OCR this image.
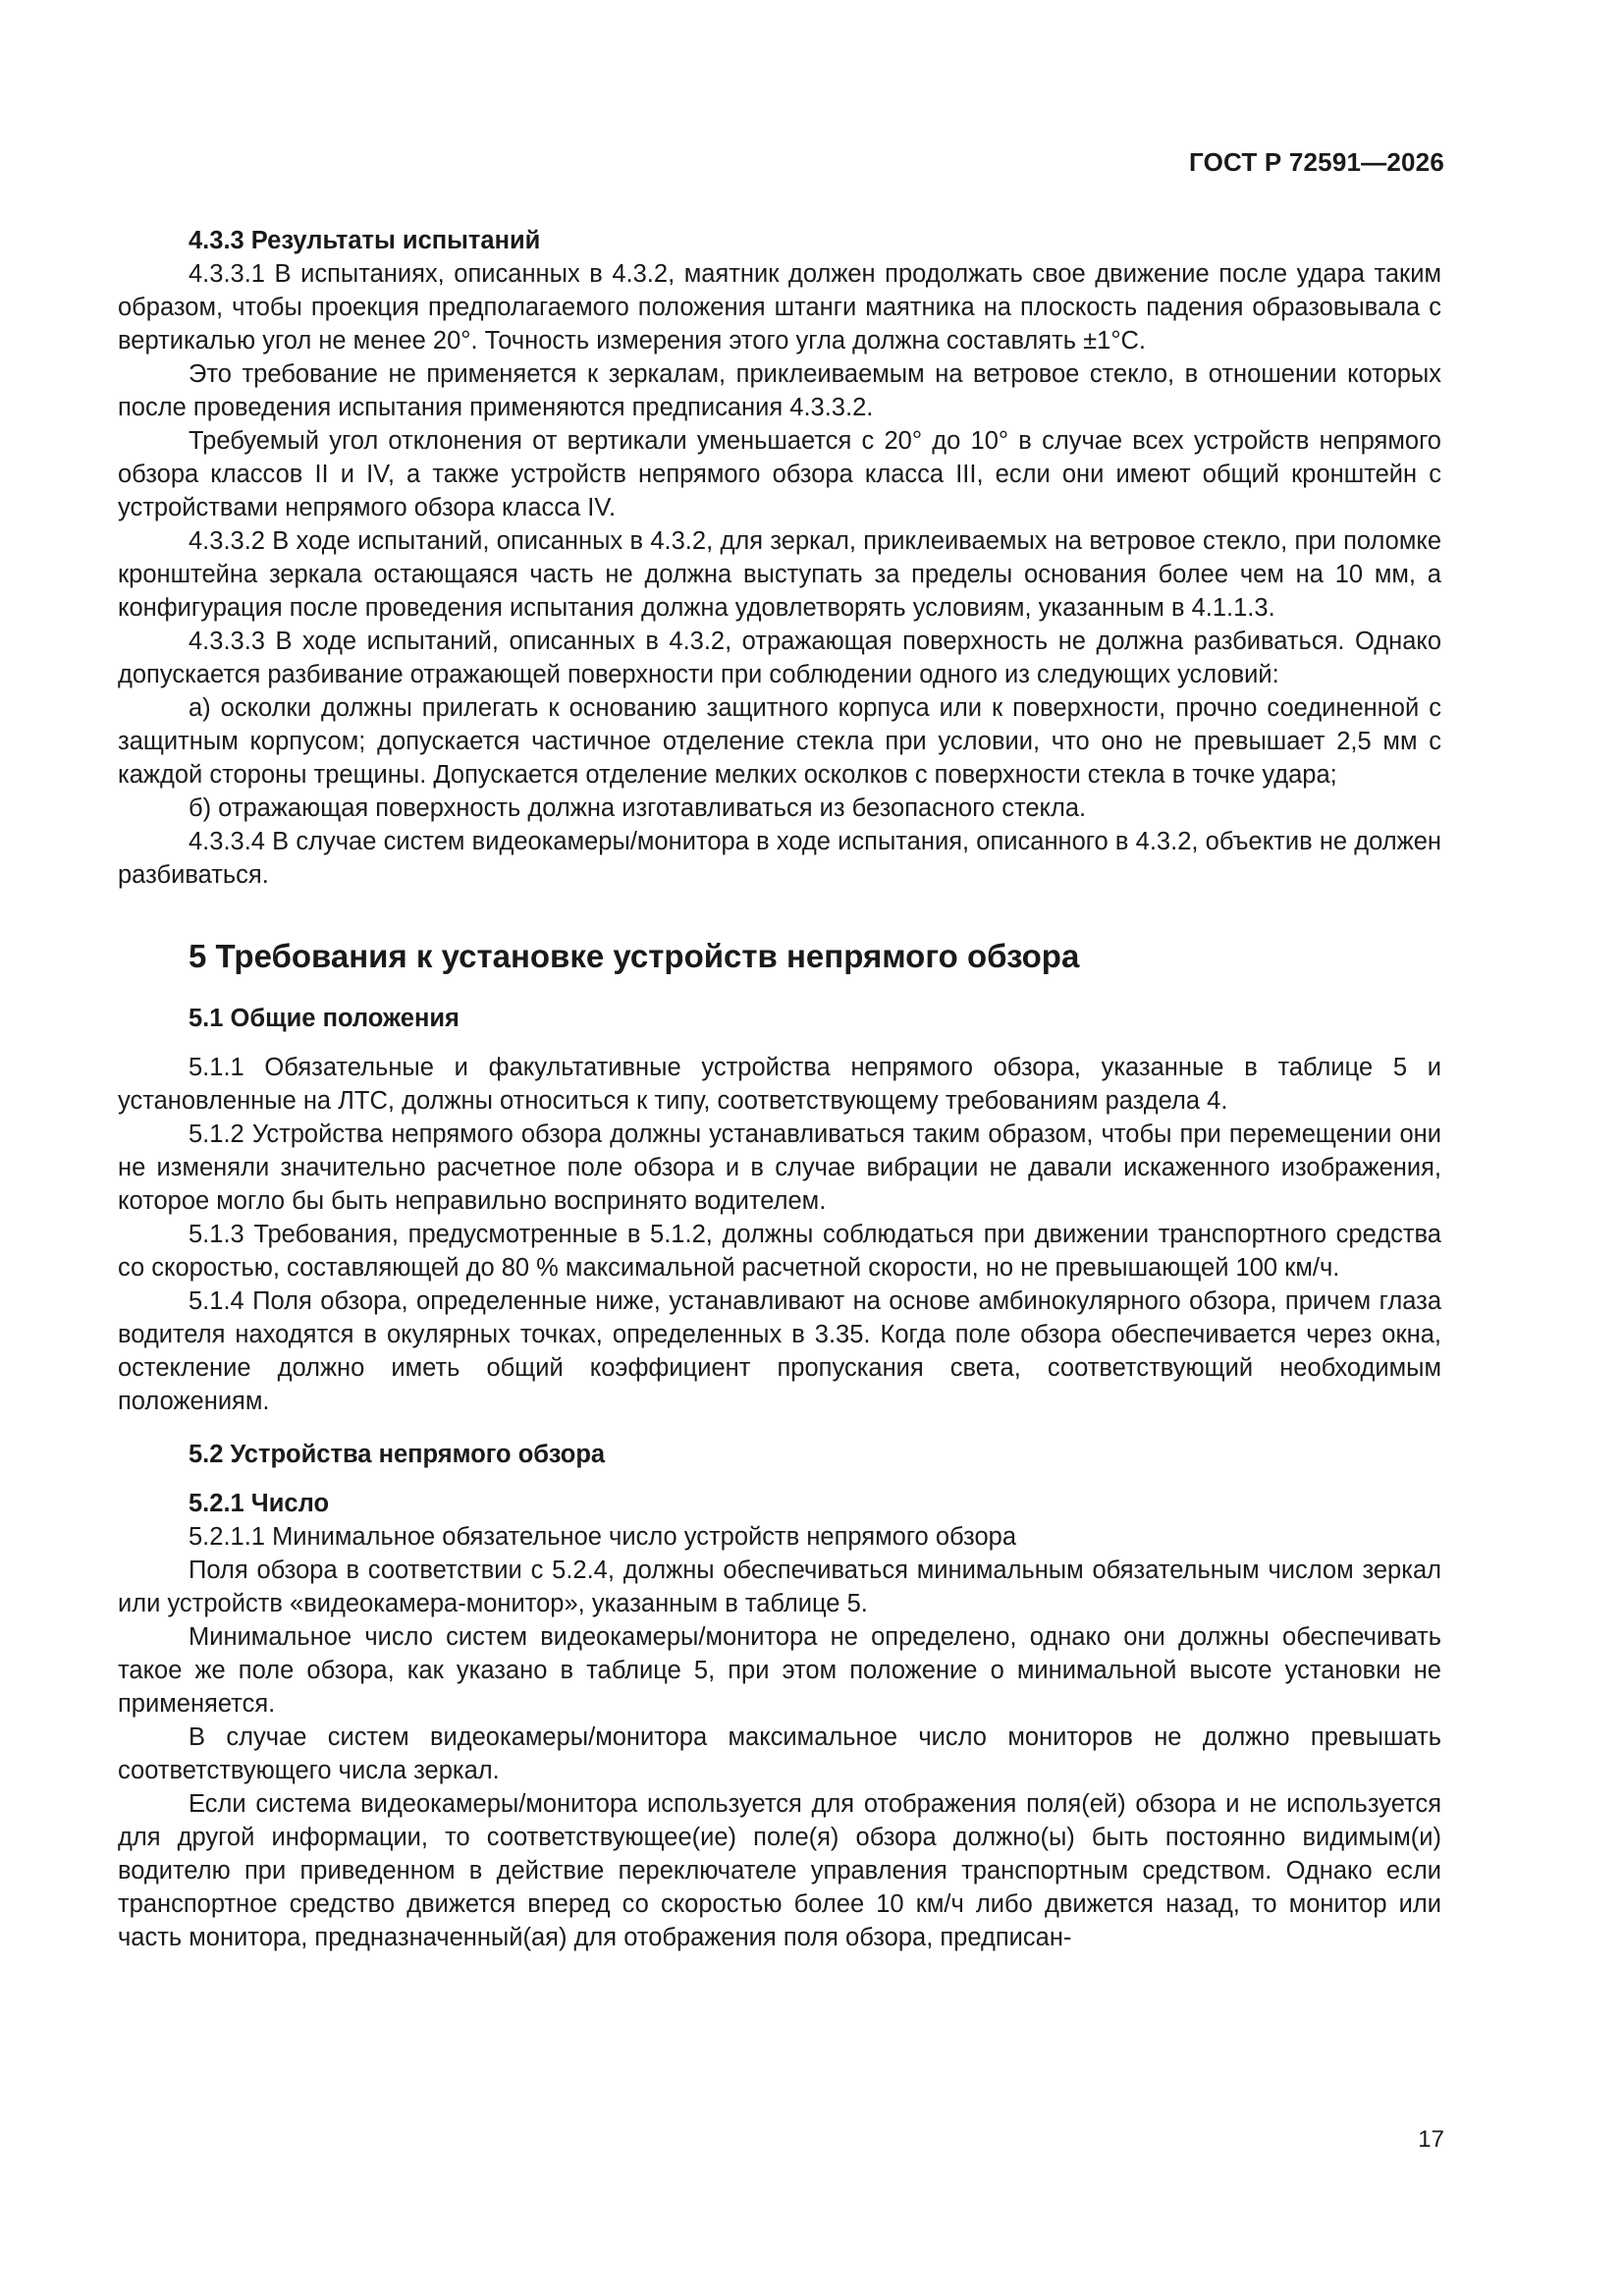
ГОСТ Р 72591—2026

4.3.3 Результаты испытаний

4.3.3.1 В испытаниях, описанных в 4.3.2, маятник должен продолжать свое движение после удара таким образом, чтобы проекция предполагаемого положения штанги маятника на плоскость падения образовывала с вертикалью угол не менее 20°. Точность измерения этого угла должна составлять ±1°С.

Это требование не применяется к зеркалам, приклеиваемым на ветровое стекло, в отношении которых после проведения испытания применяются предписания 4.3.3.2.

Требуемый угол отклонения от вертикали уменьшается с 20° до 10° в случае всех устройств непрямого обзора классов II и IV, а также устройств непрямого обзора класса III, если они имеют общий кронштейн с устройствами непрямого обзора класса IV.

4.3.3.2 В ходе испытаний, описанных в 4.3.2, для зеркал, приклеиваемых на ветровое стекло, при поломке кронштейна зеркала остающаяся часть не должна выступать за пределы основания более чем на 10 мм, а конфигурация после проведения испытания должна удовлетворять условиям, указанным в 4.1.1.3.

4.3.3.3 В ходе испытаний, описанных в 4.3.2, отражающая поверхность не должна разбиваться. Однако допускается разбивание отражающей поверхности при соблюдении одного из следующих условий:

а) осколки должны прилегать к основанию защитного корпуса или к поверхности, прочно соединенной с защитным корпусом; допускается частичное отделение стекла при условии, что оно не превышает 2,5 мм с каждой стороны трещины. Допускается отделение мелких осколков с поверхности стекла в точке удара;

б) отражающая поверхность должна изготавливаться из безопасного стекла.

4.3.3.4 В случае систем видеокамеры/монитора в ходе испытания, описанного в 4.3.2, объектив не должен разбиваться.

5 Требования к установке устройств непрямого обзора
5.1 Общие положения

5.1.1 Обязательные и факультативные устройства непрямого обзора, указанные в таблице 5 и установленные на ЛТС, должны относиться к типу, соответствующему требованиям раздела 4.

5.1.2 Устройства непрямого обзора должны устанавливаться таким образом, чтобы при перемещении они не изменяли значительно расчетное поле обзора и в случае вибрации не давали искаженного изображения, которое могло бы быть неправильно воспринято водителем.

5.1.3 Требования, предусмотренные в 5.1.2, должны соблюдаться при движении транспортного средства со скоростью, составляющей до 80 % максимальной расчетной скорости, но не превышающей 100 км/ч.

5.1.4 Поля обзора, определенные ниже, устанавливают на основе амбинокулярного обзора, причем глаза водителя находятся в окулярных точках, определенных в 3.35. Когда поле обзора обеспечивается через окна, остекление должно иметь общий коэффициент пропускания света, соответствующий необходимым положениям.

5.2 Устройства непрямого обзора
5.2.1 Число

5.2.1.1 Минимальное обязательное число устройств непрямого обзора

Поля обзора в соответствии с 5.2.4, должны обеспечиваться минимальным обязательным числом зеркал или устройств «видеокамера-монитор», указанным в таблице 5.

Минимальное число систем видеокамеры/монитора не определено, однако они должны обеспечивать такое же поле обзора, как указано в таблице 5, при этом положение о минимальной высоте установки не применяется.

В случае систем видеокамеры/монитора максимальное число мониторов не должно превышать соответствующего числа зеркал.

Если система видеокамеры/монитора используется для отображения поля(ей) обзора и не используется для другой информации, то соответствующее(ие) поле(я) обзора должно(ы) быть постоянно видимым(и) водителю при приведенном в действие переключателе управления транспортным средством. Однако если транспортное средство движется вперед со скоростью более 10 км/ч либо движется назад, то монитор или часть монитора, предназначенный(ая) для отображения поля обзора, предписан-

17
